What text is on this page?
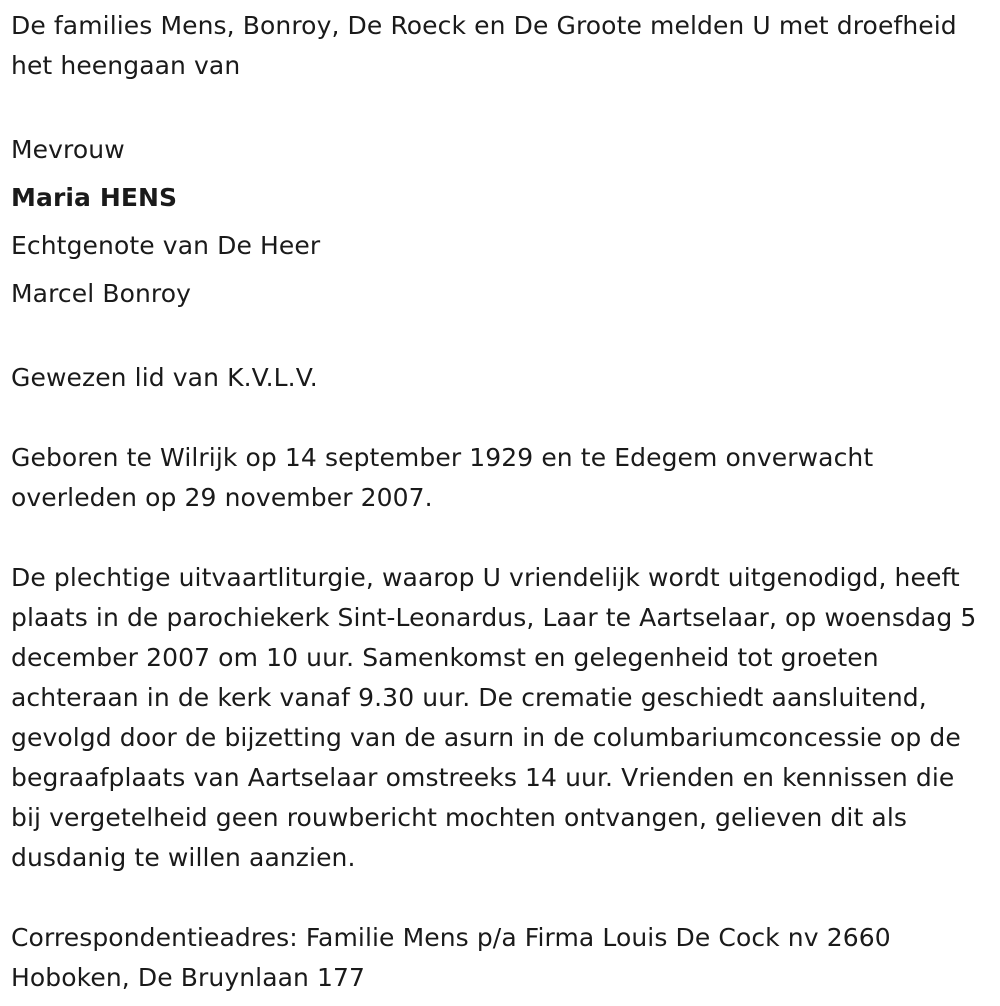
De families Mens, Bonroy, De Roeck en De Groote melden U met droefheid het heengaan van

Mevrouw

Maria HENS

Echtgenote van De Heer

Marcel Bonroy

Gewezen lid van K.V.L.V.

Geboren te Wilrijk op 14 september 1929 en te Edegem onverwacht overleden op 29 november 2007.

De plechtige uitvaartliturgie, waarop U vriendelijk wordt uitgenodigd, heeft plaats in de parochiekerk Sint-Leonardus, Laar te Aartselaar, op woensdag 5 december 2007 om 10 uur. Samenkomst en gelegenheid tot groeten achteraan in de kerk vanaf 9.30 uur. De crematie geschiedt aansluitend, gevolgd door de bijzetting van de asurn in de columbariumconcessie op de begraafplaats van Aartselaar omstreeks 14 uur. Vrienden en kennissen die bij vergetelheid geen rouwbericht mochten ontvangen, gelieven dit als dusdanig te willen aanzien.

Correspondentieadres: Familie Mens p/a Firma Louis De Cock nv 2660 Hoboken, De Bruynlaan 177
